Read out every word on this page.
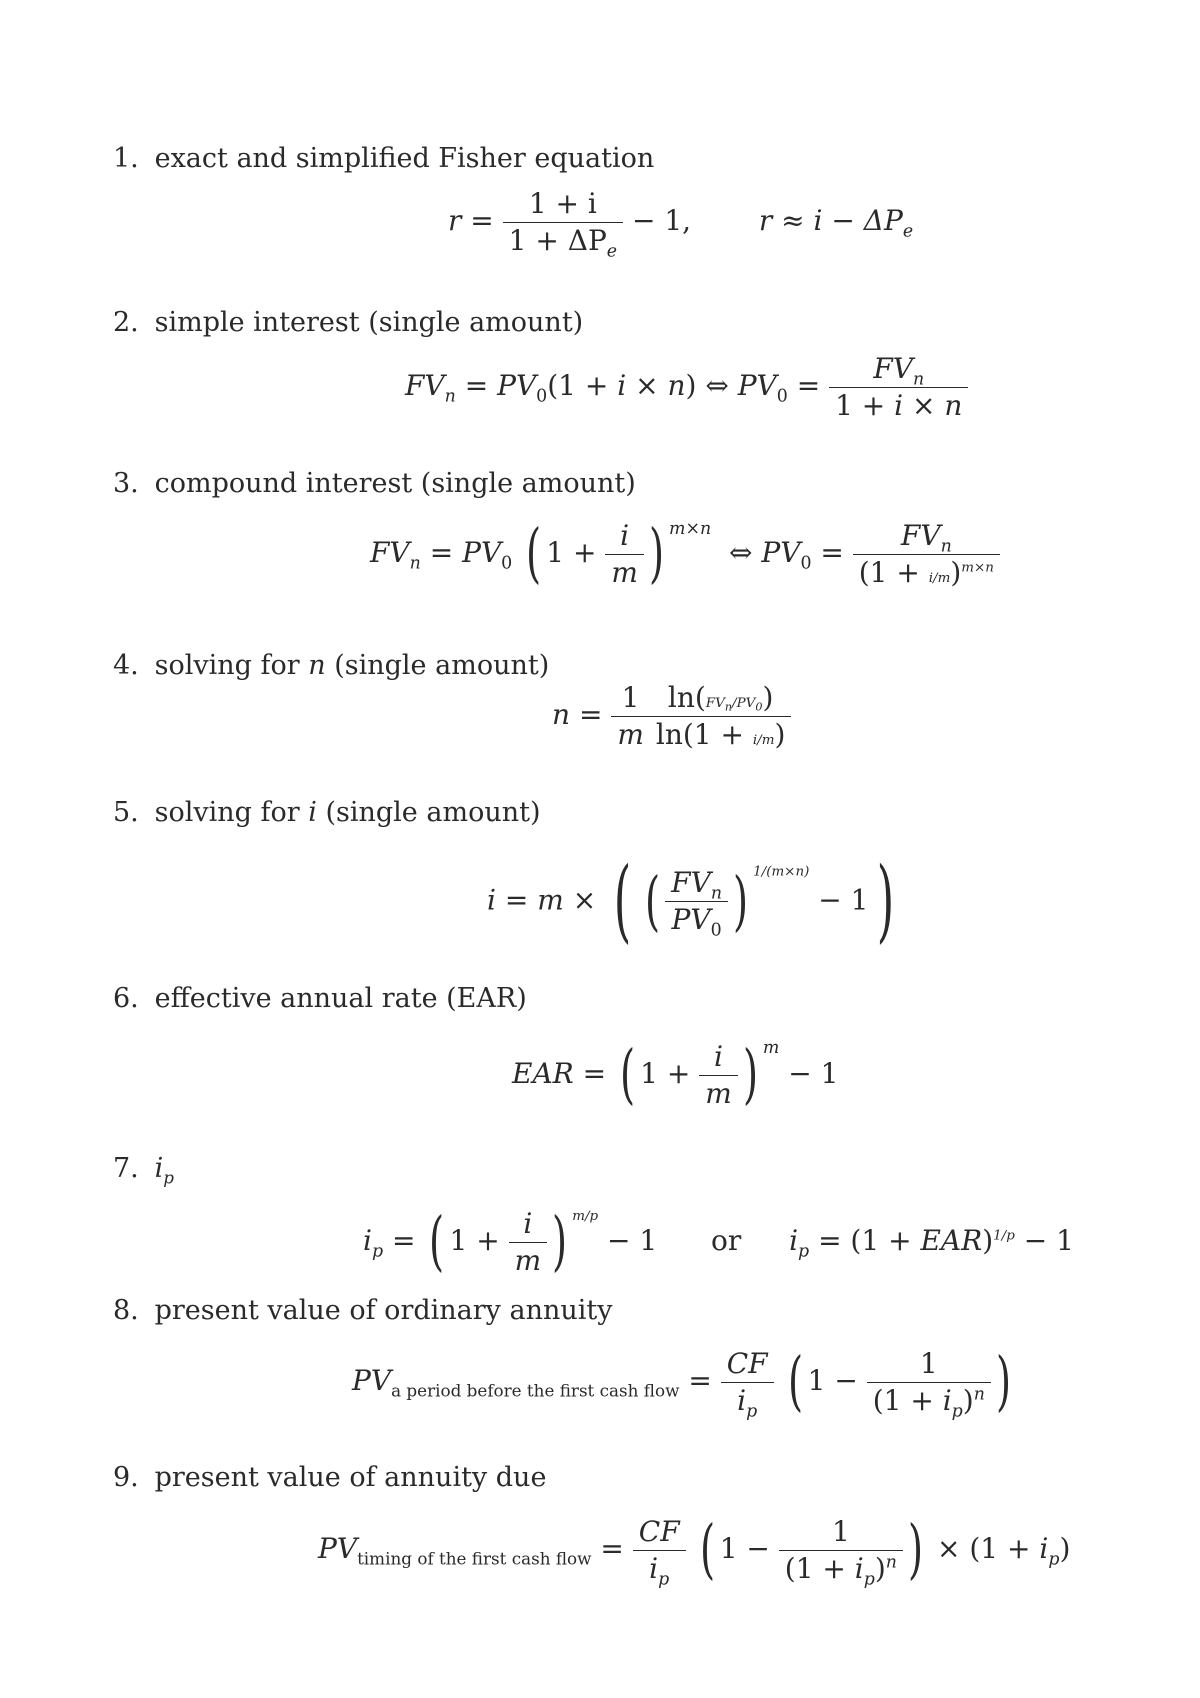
1. exact and simplified Fisher equation
$r = \frac{1 + i}{1 + \Delta P_e} - 1$, $r \approx i - \Delta P_e$
2. simple interest (single amount)
$FV_n = PV_0(1 + i \times n)$ ⇔ $PV_0 = \frac{FV_n}{1 + i \times n}$
3. compound interest (single amount)
$FV_n = PV_0$ ( $1 + \frac{i}{m}$ ) $^{m\times n}$  ⇔ $PV_0 = \frac{FV_n}{(1 + i/m)^{m\times n}}$
4. solving for n (single amount)
$n = \frac{1}{m} \frac{\ln(FV_n/PV_0)}{\ln(1 + i/m)}$
5. solving for i (single amount)
i = m × ( ( $\frac{FV_n}{PV_0}$ ) $^{1/(m\times n)}$ − 1)
6. effective annual rate (EAR)
EAR = ( $1 + \frac{i}{m}$ ) $^m$ − 1
7. $i_p$
$i_p$ = ( $1 + \frac{i}{m}$ ) $^{m/p}$ − 1  or $i_p = (1 + EAR)^{1/p} - 1$
8. present value of ordinary annuity
$PV_{a period before the first cash flow} = \frac{CF}{i_p}$ ( $1 - \frac{1}{(1 + i_p)^n}$ )
9. present value of annuity due
$PV_{timing of the first cash flow} = \frac{CF}{i_p}$ ( $1 - \frac{1}{(1 + i_p)^n}$ ) × $(1 + i_p)$
